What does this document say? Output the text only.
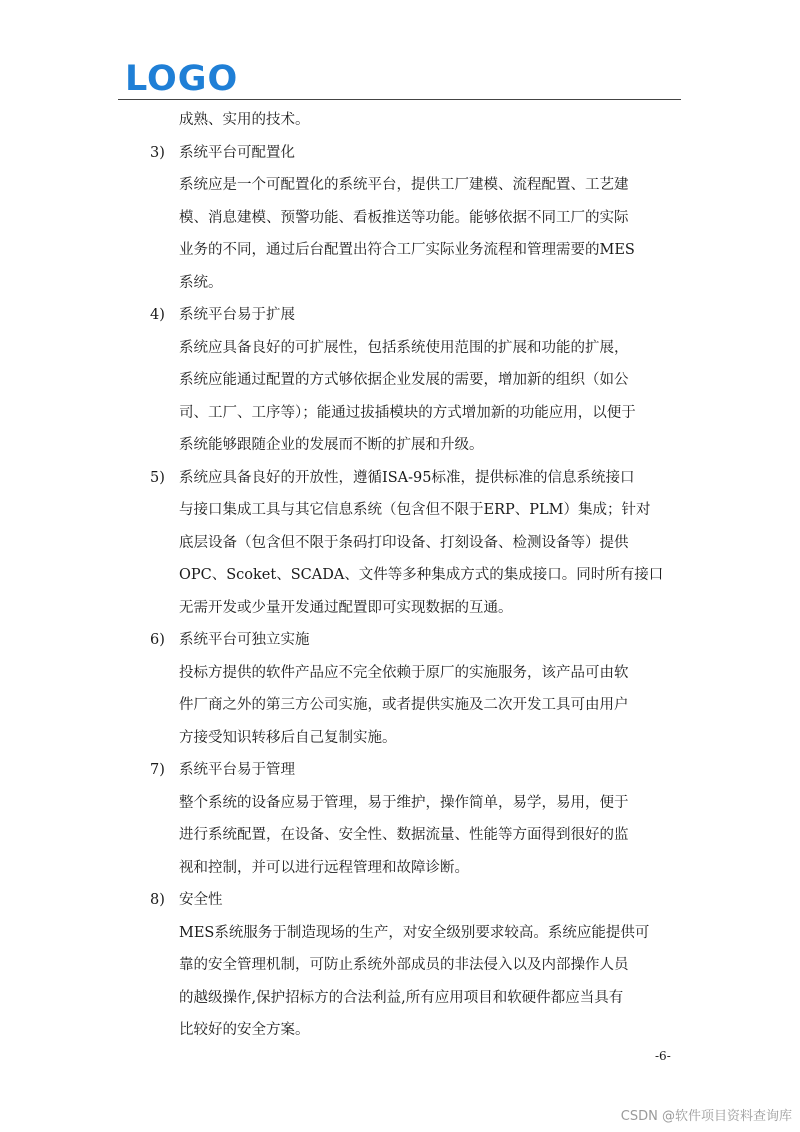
LOGO
成熟、实用的技术。
3) 系统平台可配置化
系统应是一个可配置化的系统平台，提供工厂建模、流程配置、工艺建
模、消息建模、预警功能、看板推送等功能。能够依据不同工厂的实际
业务的不同，通过后台配置出符合工厂实际业务流程和管理需要的MES
系统。
4) 系统平台易于扩展
系统应具备良好的可扩展性，包括系统使用范围的扩展和功能的扩展，
系统应能通过配置的方式够依据企业发展的需要，增加新的组织（如公
司、工厂、工序等）；能通过拔插模块的方式增加新的功能应用，以便于
系统能够跟随企业的发展而不断的扩展和升级。
5) 系统应具备良好的开放性，遵循ISA-95标准，提供标准的信息系统接口
与接口集成工具与其它信息系统（包含但不限于ERP、PLM）集成；针对
底层设备（包含但不限于条码打印设备、打刻设备、检测设备等）提供
OPC、Scoket、SCADA、文件等多种集成方式的集成接口。同时所有接口
无需开发或少量开发通过配置即可实现数据的互通。
6) 系统平台可独立实施
投标方提供的软件产品应不完全依赖于原厂的实施服务，该产品可由软
件厂商之外的第三方公司实施，或者提供实施及二次开发工具可由用户
方接受知识转移后自己复制实施。
7) 系统平台易于管理
整个系统的设备应易于管理，易于维护，操作简单，易学，易用，便于
进行系统配置，在设备、安全性、数据流量、性能等方面得到很好的监
视和控制，并可以进行远程管理和故障诊断。
8) 安全性
MES系统服务于制造现场的生产，对安全级别要求较高。系统应能提供可
靠的安全管理机制，可防止系统外部成员的非法侵入以及内部操作人员
的越级操作,保护招标方的合法利益,所有应用项目和软硬件都应当具有
比较好的安全方案。
-6-
CSDN @软件项目资料查询库
